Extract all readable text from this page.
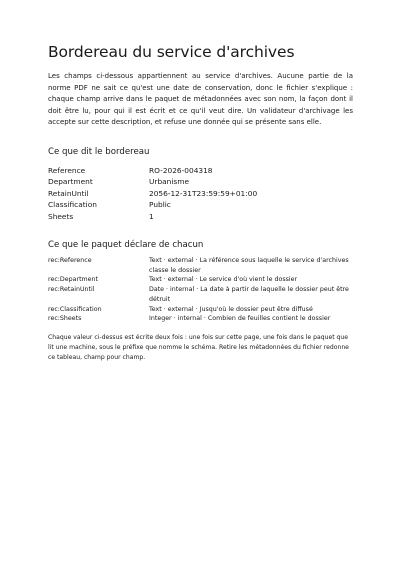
Bordereau du service d'archives

Les champs ci-dessous appartiennent au service d'archives. Aucune partie de la norme PDF ne sait ce qu'est une date de conservation, donc le fichier s'explique : chaque champ arrive dans le paquet de métadonnées avec son nom, la façon dont il doit être lu, pour qui il est écrit et ce qu'il veut dire. Un validateur d'archivage les accepte sur cette description, et refuse une donnée qui se présente sans elle.

Ce que dit le bordereau
Reference	RO-2026-004318
Department	Urbanisme
RetainUntil	2056-12-31T23:59:59+01:00
Classification	Public
Sheets	1
Ce que le paquet déclare de chacun
rec:Reference	Text · external · La référence sous laquelle le service d'archives classe le dossier
rec:Department	Text · external · Le service d'où vient le dossier
rec:RetainUntil	Date · internal · La date à partir de laquelle le dossier peut être détruit
rec:Classification	Text · external · Jusqu'où le dossier peut être diffusé
rec:Sheets	Integer · internal · Combien de feuilles contient le dossier

Chaque valeur ci-dessus est écrite deux fois : une fois sur cette page, une fois dans le paquet que lit une machine, sous le préfixe que nomme le schéma. Retire les métadonnées du fichier redonne ce tableau, champ pour champ.
